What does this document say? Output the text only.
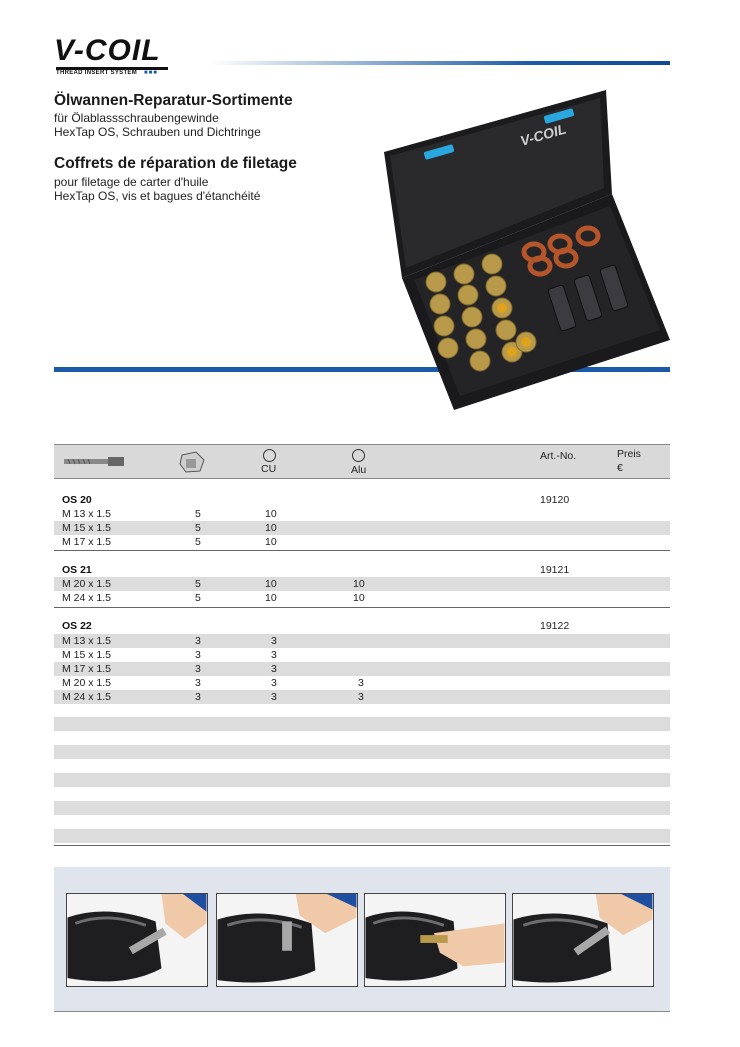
V-COIL
THREAD INSERT SYSTEM ■■■
Ölwannen-Reparatur-Sortimente
für Ölablassschraubengewinde
HexTap OS, Schrauben und Dichtringe
Coffrets de réparation de filetage
pour filetage de carter d'huile
HexTap OS, vis et bagues d'étanchéité
V-COIL
CU	Alu
Art.-No.	Preis
€
OS 20	19120
M 13 x 1.5	5	10
M 15 x 1.5	5	10
M 17 x 1.5	5	10
OS 21	19121
M 20 x 1.5	5	10	10
M 24 x 1.5	5	10	10
OS 22	19122
M 13 x 1.5	3	3
M 15 x 1.5	3	3
M 17 x 1.5	3	3
M 20 x 1.5	3	3	3
M 24 x 1.5	3	3	3
